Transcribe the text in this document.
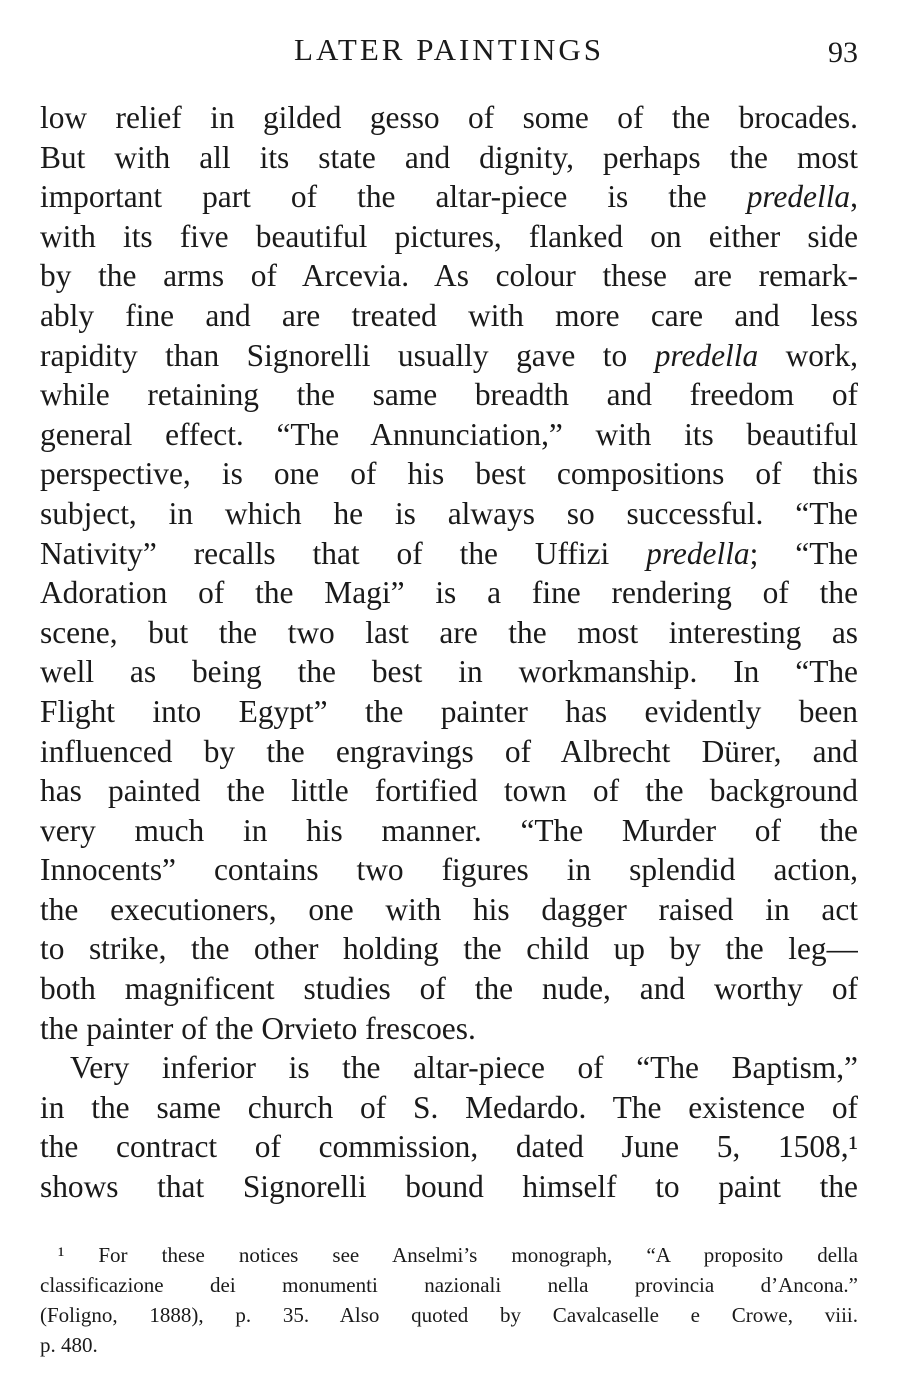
LATER PAINTINGS	93
low relief in gilded gesso of some of the brocades.
But with all its state and dignity, perhaps the most
important part of the altar-piece is the predella,
with its five beautiful pictures, flanked on either side
by the arms of Arcevia. As colour these are remark-
ably fine and are treated with more care and less
rapidity than Signorelli usually gave to predella work,
while retaining the same breadth and freedom of
general effect. “The Annunciation,” with its beautiful
perspective, is one of his best compositions of this
subject, in which he is always so successful. “The
Nativity” recalls that of the Uffizi predella; “The
Adoration of the Magi” is a fine rendering of the
scene, but the two last are the most interesting as
well as being the best in workmanship. In “The
Flight into Egypt” the painter has evidently been
influenced by the engravings of Albrecht Dürer, and
has painted the little fortified town of the background
very much in his manner. “The Murder of the
Innocents” contains two figures in splendid action,
the executioners, one with his dagger raised in act
to strike, the other holding the child up by the leg—
both magnificent studies of the nude, and worthy of
the painter of the Orvieto frescoes.
Very inferior is the altar-piece of “The Baptism,”
in the same church of S. Medardo. The existence of
the contract of commission, dated June 5, 1508,¹
shows that Signorelli bound himself to paint the
¹ For these notices see Anselmi’s monograph, “A proposito della
classificazione dei monumenti nazionali nella provincia d’Ancona.”
(Foligno, 1888), p. 35. Also quoted by Cavalcaselle e Crowe, viii.
p. 480.
